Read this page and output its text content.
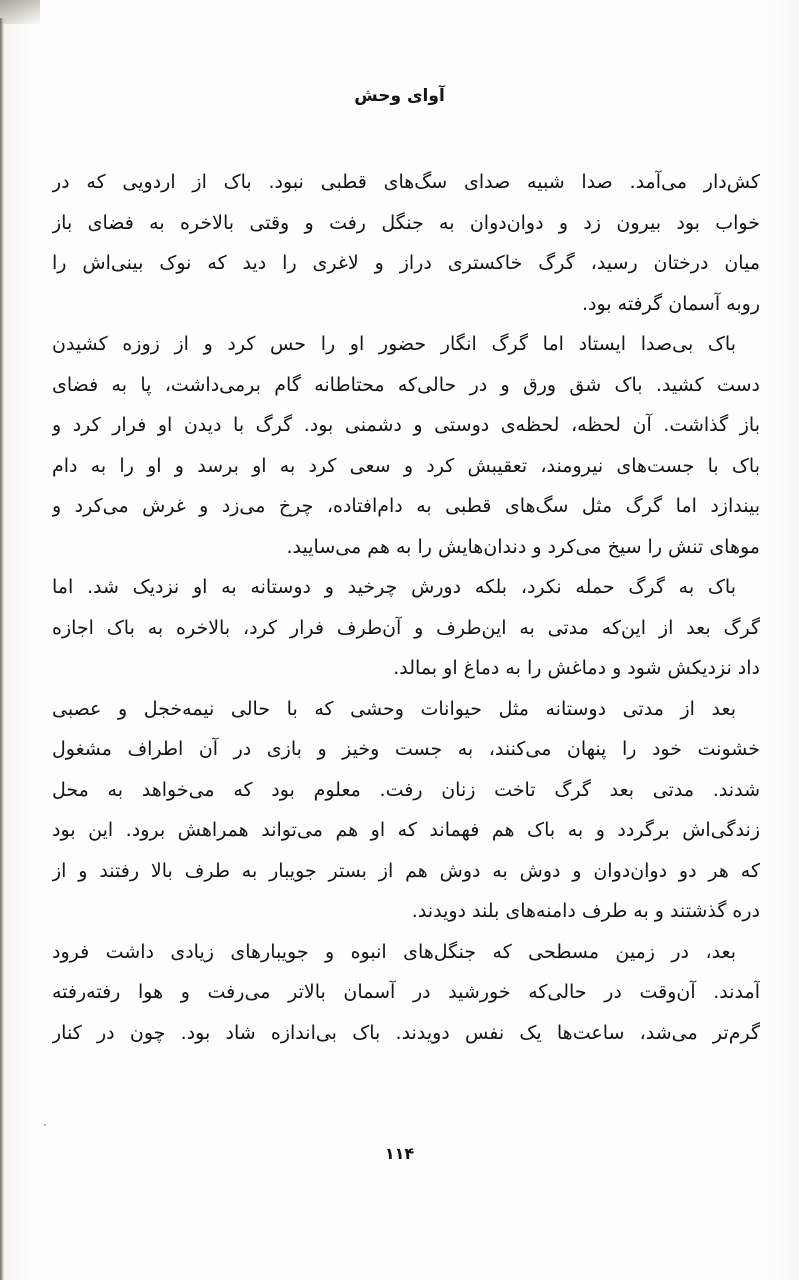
آوای وحش
کش‌دار می‌آمد. صدا شبیه صدای سگ‌های قطبی نبود. باک از اردویی که در
خواب بود بیرون زد و دوان‌دوان به جنگل رفت و وقتی بالاخره به فضای باز
میان درختان رسید، گرگ خاکستری دراز و لاغری را دید که نوک بینی‌اش را
روبه آسمان گرفته بود.
باک بی‌صدا ایستاد اما گرگ انگار حضور او را حس کرد و از زوزه کشیدن
دست کشید. باک شق ورق و در حالی‌که محتاطانه گام برمی‌داشت، پا به فضای
باز گذاشت. آن لحظه، لحظه‌ی دوستی و دشمنی بود. گرگ با دیدن او فرار کرد و
باک با جست‌های نیرومند، تعقیبش کرد و سعی کرد به او برسد و او را به دام
بیندازد اما گرگ مثل سگ‌های قطبی به دام‌افتاده، چرخ می‌زد و غرش می‌کرد و
موهای تنش را سیخ می‌کرد و دندان‌هایش را به هم می‌سایید.
باک به گرگ حمله نکرد، بلکه دورش چرخید و دوستانه به او نزدیک شد. اما
گرگ بعد از این‌که مدتی به این‌طرف و آن‌طرف فرار کرد، بالاخره به باک اجازه
داد نزدیکش شود و دماغش را به دماغ او بمالد.
بعد از مدتی دوستانه مثل حیوانات وحشی که با حالی نیمه‌خجل و عصبی
خشونت خود را پنهان می‌کنند، به جست وخیز و بازی در آن اطراف مشغول
شدند. مدتی بعد گرگ تاخت زنان رفت. معلوم بود که می‌خواهد به محل
زندگی‌اش برگردد و به باک هم فهماند که او هم می‌تواند همراهش برود. این بود
که هر دو دوان‌دوان و دوش به دوش هم از بستر جویبار به طرف بالا رفتند و از
دره گذشتند و به طرف دامنه‌های بلند دویدند.
بعد، در زمین مسطحی که جنگل‌های انبوه و جویبارهای زیادی داشت فرود
آمدند. آن‌وقت در حالی‌که خورشید در آسمان بالاتر می‌رفت و هوا رفته‌رفته
گرم‌تر می‌شد، ساعت‌ها یک نفس دویدند. باک بی‌اندازه شاد بود. چون در کنار
۱۱۴
